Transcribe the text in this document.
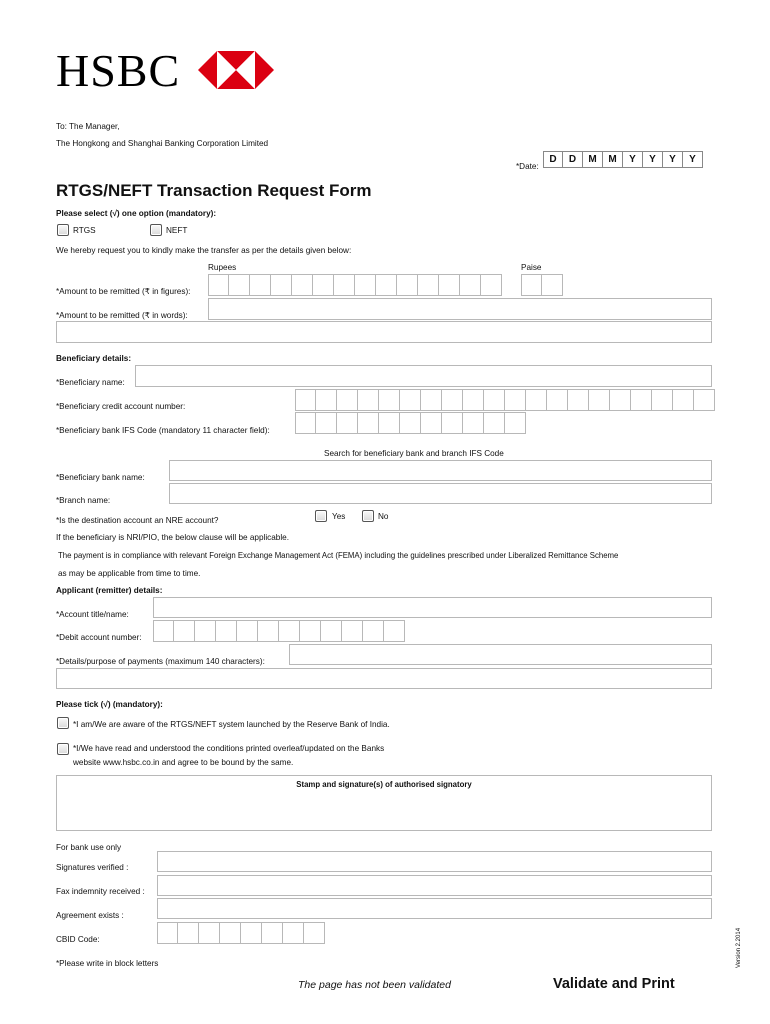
HSBC
To: The Manager,
The Hongkong and Shanghai Banking Corporation Limited
*Date:
D	D	M	M	Y	Y	Y	Y
RTGS/NEFT Transaction Request Form
Please select (√) one option (mandatory):
RTGS	NEFT
We hereby request you to kindly make the transfer as per the details given below:
Rupees	Paise
*Amount to be remitted (₹ in figures):
*Amount to be remitted (₹ in words):
Beneficiary details:
*Beneficiary name:
*Beneficiary credit account number:
*Beneficiary bank IFS Code (mandatory 11 character field):
Search for beneficiary bank and branch IFS Code
*Beneficiary bank name:
*Branch name:
*Is the destination account an NRE account?	Yes	No
If the beneficiary is NRI/PIO, the below clause will be applicable.
The payment is in compliance with relevant Foreign Exchange Management Act (FEMA) including the guidelines prescribed under Liberalized Remittance Scheme
as may be applicable from time to time.
Applicant (remitter) details:
*Account title/name:
*Debit account number:
*Details/purpose of payments (maximum 140 characters):
Please tick (√) (mandatory):
*I am/We are aware of the RTGS/NEFT system launched by the Reserve Bank of India.
*I/We have read and understood the conditions printed overleaf/updated on the Banks
website www.hsbc.co.in and agree to be bound by the same.
Stamp and signature(s) of authorised signatory
For bank use only
Signatures verified :
Fax indemnity received :
Agreement exists :
CBID Code:	Version 2.2014
*Please write in block letters
The page has not been validated	Validate and Print
